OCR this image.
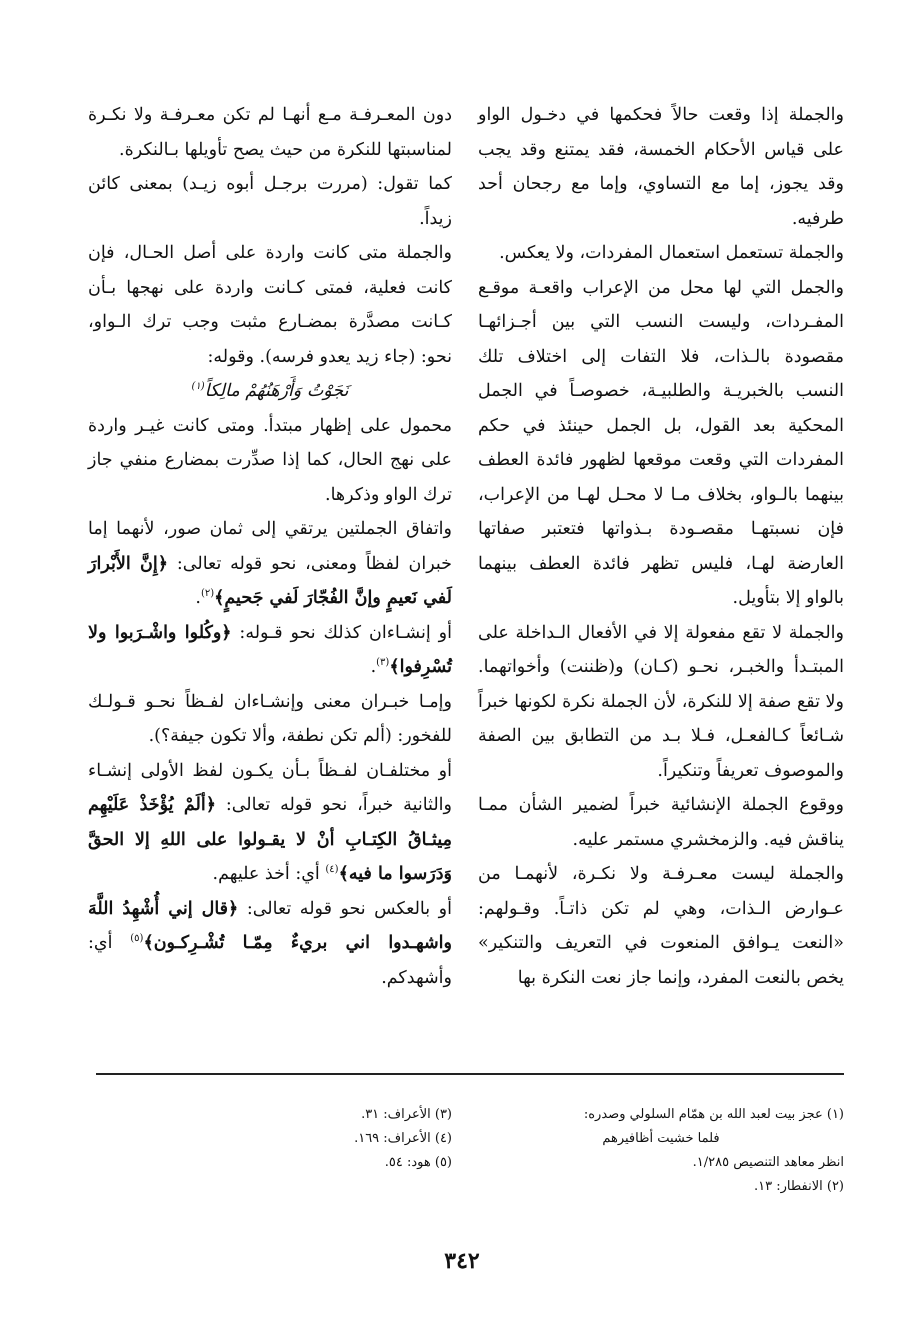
والجملة إذا وقعت حالاً فحكمها في دخـول الواو على قياس الأحكام الخمسة، فقد يمتنع وقد يجب وقد يجوز، إما مع التساوي، وإما مع رجحان أحد طرفيه.

والجملة تستعمل استعمال المفردات، ولا يعكس.

والجمل التي لها محل من الإعراب واقعـة موقـع المفـردات، وليست النسب التي بين أجـزائهـا مقصودة بالـذات، فلا التفات إلى اختلاف تلك النسب بالخبريـة والطلبيـة، خصوصـاً في الجمل المحكية بعد القول، بل الجمل حينئذ في حكم المفردات التي وقعت موقعها لظهور فائدة العطف بينهما بالـواو، بخلاف مـا لا محـل لهـا من الإعراب، فإن نسبتهـا مقصـودة بـذواتها فتعتبر صفاتها العارضة لهـا، فليس تظهر فائدة العطف بينهما بالواو إلا بتأويل.

والجملة لا تقع مفعولة إلا في الأفعال الـداخلة على المبتـدأ والخبـر، نحـو (كـان) و(ظننت) وأخواتهما. ولا تقع صفة إلا للنكرة، لأن الجملة نكرة لكونها خبراً شـائعاً كـالفعـل، فـلا بـد من التطابق بين الصفة والموصوف تعريفاً وتنكيراً.

ووقوع الجملة الإنشائية خبراً لضمير الشأن ممـا يناقش فيه. والزمخشري مستمر عليه.

والجملة ليست معـرفـة ولا نكـرة، لأنهمـا من عـوارض الـذات، وهي لم تكن ذاتـاً. وقـولهم: «النعت يـوافق المنعوت في التعريف والتنكير» يخص بالنعت المفرد، وإنما جاز نعت النكرة بها

دون المعـرفـة مـع أنهـا لم تكن معـرفـة ولا نكـرة لمناسبتها للنكرة من حيث يصح تأويلها بـالنكرة.

كما تقول: (مررت برجـل أبوه زيـد) بمعنى كائن زيداً.

والجملة متى كانت واردة على أصل الحـال، فإن كانت فعلية، فمتى كـانت واردة على نهجها بـأن كـانت مصدَّرة بمضـارع مثبت وجب ترك الـواو، نحو: (جاء زيد يعدو فرسه). وقوله:

نَجَوْتُ وَأَرْهَنُهُمْ مالِكاً$^{(١)}$

محمول على إظهار مبتدأ. ومتى كانت غيـر واردة على نهج الحال، كما إذا صدِّرت بمضارع منفي جاز ترك الواو وذكرها.

واتفاق الجملتين يرتقي إلى ثمان صور، لأنهما إما خبران لفظاً ومعنى، نحو قوله تعالى: ﴿إِنَّ الأَبْرارَ لَفي نَعيمٍ وإنَّ الفُجّارَ لَفي جَحيمٍ﴾$^{(٢)}$.

أو إنشـاءان كذلك نحو قـوله: ﴿وكُلوا واشْـرَبوا ولا تُسْرِفوا﴾$^{(٣)}$.

وإمـا خبـران معنى وإنشـاءان لفـظاً نحـو قـولـك للفخور: (ألم تكن نطفة، وألا تكون جيفة؟).

أو مختلفـان لفـظاً بـأن يكـون لفظ الأولى إنشـاء والثانية خبراً، نحو قوله تعالى: ﴿ألَمْ يُؤْخَذْ عَلَيْهِم مِيثـاقُ الكِتـابِ أنْ لا يقـولوا على اللهِ إلا الحقَّ وَدَرَسوا ما فيه﴾$^{(٤)}$ أي: أخذ عليهم.

أو بالعكس نحو قوله تعالى: ﴿قال إني أُشْهِدُ اللَّهَ واشهـدوا اني بريءٌ مِمّـا تُشْـرِكـون﴾$^{(٥)}$ أي: وأشهدكم.

(١) عجز بيت لعبد الله بن همّام السلولي وصدره:

فلما خشيت أظافيرهم

انظر معاهد التنصيص ١/٢٨٥.

(٢) الانفطار: ١٣.

(٣) الأعراف: ٣١.

(٤) الأعراف: ١٦٩.

(٥) هود: ٥٤.

٣٤٢
